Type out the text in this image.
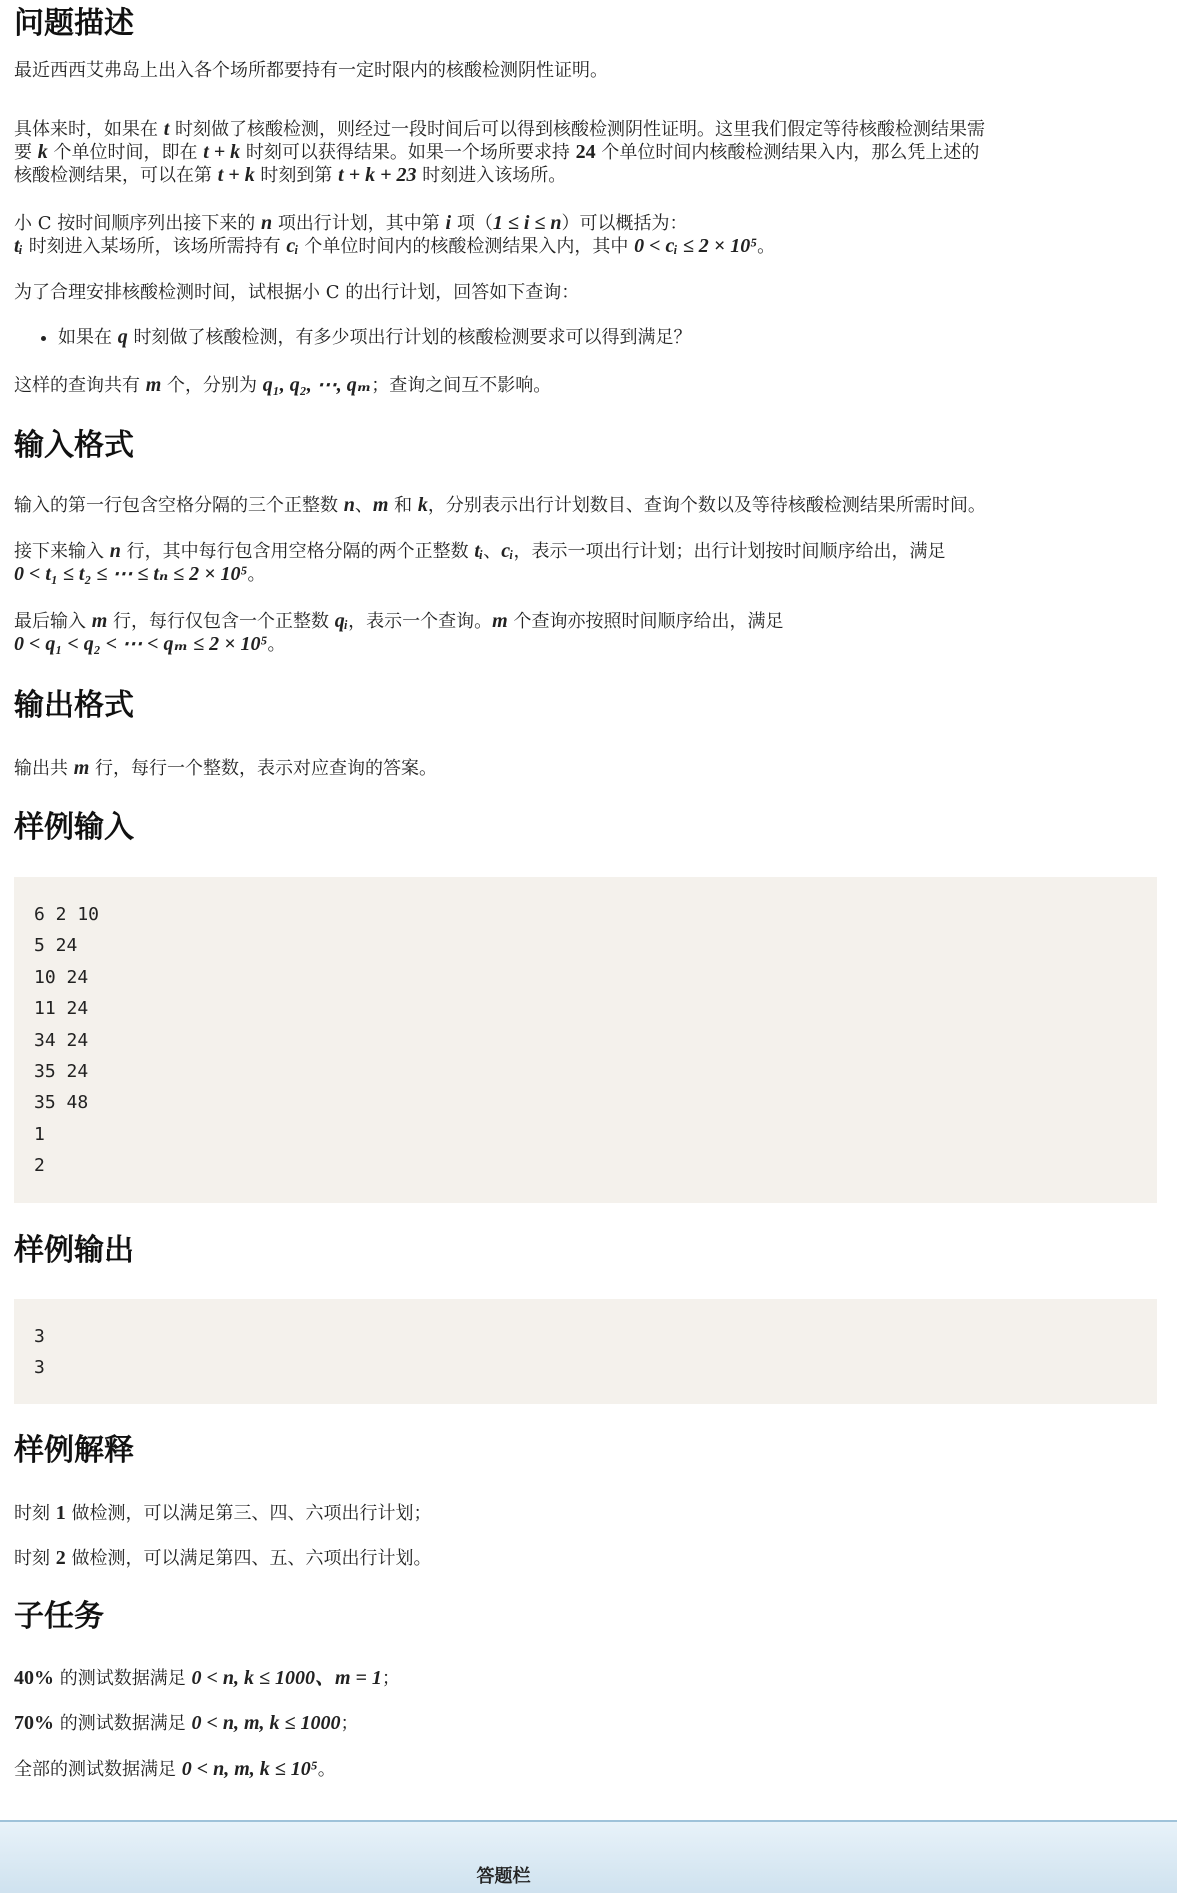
问题描述

最近西西艾弗岛上出入各个场所都要持有一定时限内的核酸检测阴性证明。

具体来时，如果在 t 时刻做了核酸检测，则经过一段时间后可以得到核酸检测阴性证明。这里我们假定等待核酸检测结果需
要 k 个单位时间，即在 t + k 时刻可以获得结果。如果一个场所要求持 24 个单位时间内核酸检测结果入内，那么凭上述的
核酸检测结果，可以在第 t + k 时刻到第 t + k + 23 时刻进入该场所。

小 C 按时间顺序列出接下来的 n 项出行计划，其中第 i 项（1 ≤ i ≤ n）可以概括为：
tᵢ 时刻进入某场所，该场所需持有 cᵢ 个单位时间内的核酸检测结果入内，其中 0 < cᵢ ≤ 2 × 10⁵。

为了合理安排核酸检测时间，试根据小 C 的出行计划，回答如下查询：

• 如果在 q 时刻做了核酸检测，有多少项出行计划的核酸检测要求可以得到满足？

这样的查询共有 m 个，分别为 q₁, q₂, ⋯, qₘ；查询之间互不影响。

输入格式

输入的第一行包含空格分隔的三个正整数 n、m 和 k，分别表示出行计划数目、查询个数以及等待核酸检测结果所需时间。

接下来输入 n 行，其中每行包含用空格分隔的两个正整数 tᵢ、cᵢ，表示一项出行计划；出行计划按时间顺序给出，满足
0 < t₁ ≤ t₂ ≤ ⋯ ≤ tₙ ≤ 2 × 10⁵。

最后输入 m 行，每行仅包含一个正整数 qᵢ，表示一个查询。m 个查询亦按照时间顺序给出，满足
0 < q₁ < q₂ < ⋯ < qₘ ≤ 2 × 10⁵。

输出格式

输出共 m 行，每行一个整数，表示对应查询的答案。

样例输入
6 2 10
5 24
10 24
11 24
34 24
35 24
35 48
1
2
样例输出
3
3
样例解释

时刻 1 做检测，可以满足第三、四、六项出行计划；

时刻 2 做检测，可以满足第四、五、六项出行计划。

子任务

40% 的测试数据满足 0 < n, k ≤ 1000、m = 1；

70% 的测试数据满足 0 < n, m, k ≤ 1000；

全部的测试数据满足 0 < n, m, k ≤ 10⁵。

答题栏
